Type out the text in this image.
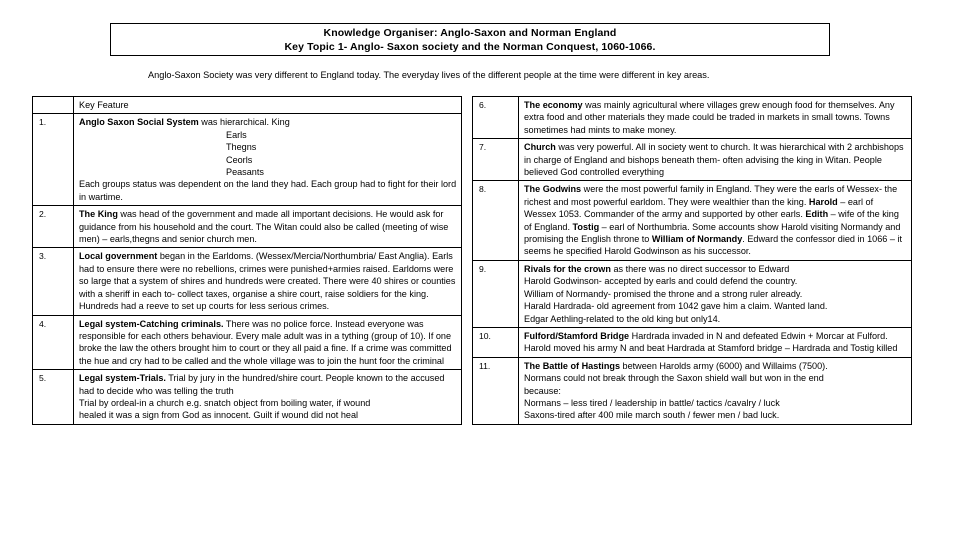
Knowledge Organiser: Anglo-Saxon and Norman England
Key Topic 1- Anglo- Saxon society and the Norman Conquest, 1060-1066.
Anglo-Saxon Society was very different to England today. The everyday lives of the different people at the time were different in key areas.
	Key Feature
1.	Anglo Saxon Social System was hierarchical. King
Earls
Thegns
Ceorls
Peasants
Each groups status was dependent on the land they had. Each group had to fight for their lord in wartime.

2.	The King was head of the government and made all important decisions. He would ask for guidance from his household and the court. The Witan could also be called (meeting of wise men) – earls,thegns and senior church men.
3.	Local government began in the Earldoms. (Wessex/Mercia/Northumbria/ East Anglia). Earls had to ensure there were no rebellions, crimes were punished+armies raised. Earldoms were so large that a system of shires and hundreds were created. There were 40 shires or counties with a sheriff in each to- collect taxes, organise a shire court, raise soldiers for the king. Hundreds had a reeve to set up courts for less serious crimes.
4.	Legal system-Catching criminals. There was no police force. Instead everyone was responsible for each others behaviour. Every male adult was in a tything (group of 10). If one broke the law the others brought him to court or they all paid a fine. If a crime was committed the hue and cry had to be called and the whole village was to join the hunt foor the criminal
5.	Legal system-Trials. Trial by jury in the hundred/shire court. People known to the accused had to decide who was telling the truth
Trial by ordeal-in a church e.g. snatch object from boiling water, if wound
healed it was a sign from God as innocent. Guilt if wound did not heal
6.	The economy was mainly agricultural where villages grew enough food for themselves. Any extra food and other materials they made could be traded in markets in small towns. Towns sometimes had mints to make money.
7.	Church was very powerful. All in society went to church. It was hierarchical with 2 archbishops in charge of England and bishops beneath them- often advising the king in Witan. People believed God controlled everything
8.	The Godwins were the most powerful family in England. They were the earls of Wessex- the richest and most powerful earldom. They were wealthier than the king. Harold – earl of Wessex 1053. Commander of the army and supported by other earls. Edith – wife of the king of England. Tostig – earl of Northumbria. Some accounts show Harold visiting Normandy and promising the English throne to William of Normandy. Edward the confessor died in 1066 – it seems he specified Harold Godwinson as his successor.
9.	Rivals for the crown as there was no direct successor to Edward
Harold Godwinson- accepted by earls and could defend the country.
William of Normandy- promised the throne and a strong ruler already.
Harald Hardrada- old agreement from 1042 gave him a claim. Wanted land.
Edgar Aethling-related to the old king but only14.

10.	Fulford/Stamford Bridge Hardrada invaded in N and defeated Edwin + Morcar at Fulford. Harold moved his army N and beat Hardrada at Stamford bridge – Hardrada and Tostig killed
11.	The Battle of Hastings between Harolds army (6000) and Willaims (7500).
Normans could not break through the Saxon shield wall but won in the end
because:
Normans – less tired / leadership in battle/ tactics /cavalry / luck
Saxons-tired after 400 mile march south / fewer men / bad luck.
